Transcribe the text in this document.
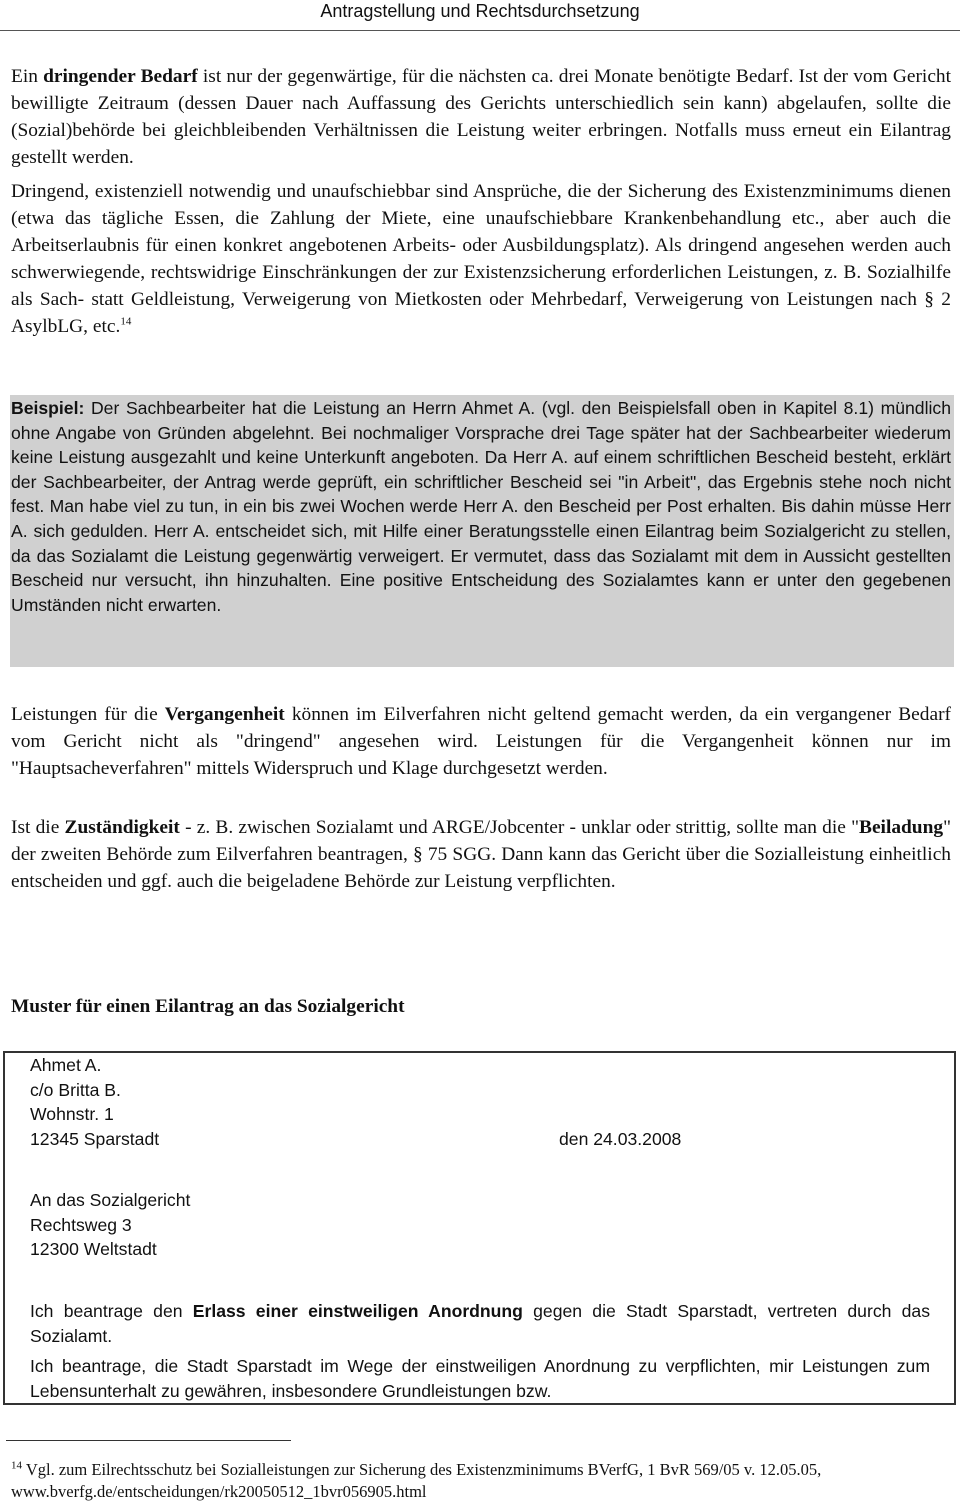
Antragstellung und Rechtsdurchsetzung
Ein dringender Bedarf ist nur der gegenwärtige, für die nächsten ca. drei Monate benötigte Bedarf. Ist der vom Gericht bewilligte Zeitraum (dessen Dauer nach Auffassung des Gerichts unterschiedlich sein kann) abgelaufen, sollte die (Sozial)behörde bei gleichbleibenden Verhältnissen die Leistung weiter erbringen. Notfalls muss erneut ein Eilantrag gestellt werden.
Dringend, existenziell notwendig und unaufschiebbar sind Ansprüche, die der Sicherung des Existenzminimums dienen (etwa das tägliche Essen, die Zahlung der Miete, eine unaufschiebbare Krankenbehandlung etc., aber auch die Arbeitserlaubnis für einen konkret angebotenen Arbeits- oder Ausbildungsplatz). Als dringend angesehen werden auch schwerwiegende, rechtswidrige Einschränkungen der zur Existenzsicherung erforderlichen Leistungen, z. B. Sozialhilfe als Sach- statt Geldleistung, Verweigerung von Mietkosten oder Mehrbedarf, Verweigerung von Leistungen nach § 2 AsylbLG, etc.$^{14}$
Beispiel: Der Sachbearbeiter hat die Leistung an Herrn Ahmet A. (vgl. den Beispielsfall oben in Kapitel 8.1) mündlich ohne Angabe von Gründen abgelehnt. Bei nochmaliger Vorsprache drei Tage später hat der Sachbearbeiter wiederum keine Leistung ausgezahlt und keine Unterkunft angeboten. Da Herr A. auf einem schriftlichen Bescheid besteht, erklärt der Sachbearbeiter, der Antrag werde geprüft, ein schriftlicher Bescheid sei "in Arbeit", das Ergebnis stehe noch nicht fest. Man habe viel zu tun, in ein bis zwei Wochen werde Herr A. den Bescheid per Post erhalten. Bis dahin müsse Herr A. sich gedulden. Herr A. entscheidet sich, mit Hilfe einer Beratungsstelle einen Eilantrag beim Sozialgericht zu stellen, da das Sozialamt die Leistung gegenwärtig verweigert. Er vermutet, dass das Sozialamt mit dem in Aussicht gestellten Bescheid nur versucht, ihn hinzuhalten. Eine positive Entscheidung des Sozialamtes kann er unter den gegebenen Umständen nicht erwarten.
Leistungen für die Vergangenheit können im Eilverfahren nicht geltend gemacht werden, da ein vergangener Bedarf vom Gericht nicht als "dringend" angesehen wird. Leistungen für die Vergangenheit können nur im "Hauptsacheverfahren" mittels Widerspruch und Klage durchgesetzt werden.
Ist die Zuständigkeit - z. B. zwischen Sozialamt und ARGE/Jobcenter - unklar oder strittig, sollte man die "Beiladung" der zweiten Behörde zum Eilverfahren beantragen, § 75 SGG. Dann kann das Gericht über die Sozialleistung einheitlich entscheiden und ggf. auch die beigeladene Behörde zur Leistung verpflichten.
Muster für einen Eilantrag an das Sozialgericht
Ahmet A.
c/o Britta B.
Wohnstr. 1
12345 Sparstadt	den 24.03.2008
An das Sozialgericht
Rechtsweg 3
12300 Weltstadt
Ich beantrage den Erlass einer einstweiligen Anordnung gegen die Stadt Sparstadt, vertreten durch das Sozialamt.
Ich beantrage, die Stadt Sparstadt im Wege der einstweiligen Anordnung zu verpflichten, mir Leistungen zum Lebensunterhalt zu gewähren, insbesondere Grundleistungen bzw.
$^{14}$ Vgl. zum Eilrechtsschutz bei Sozialleistungen zur Sicherung des Existenzminimums BVerfG, 1 BvR 569/05 v. 12.05.05, www.bverfg.de/entscheidungen/rk20050512_1bvr056905.html
